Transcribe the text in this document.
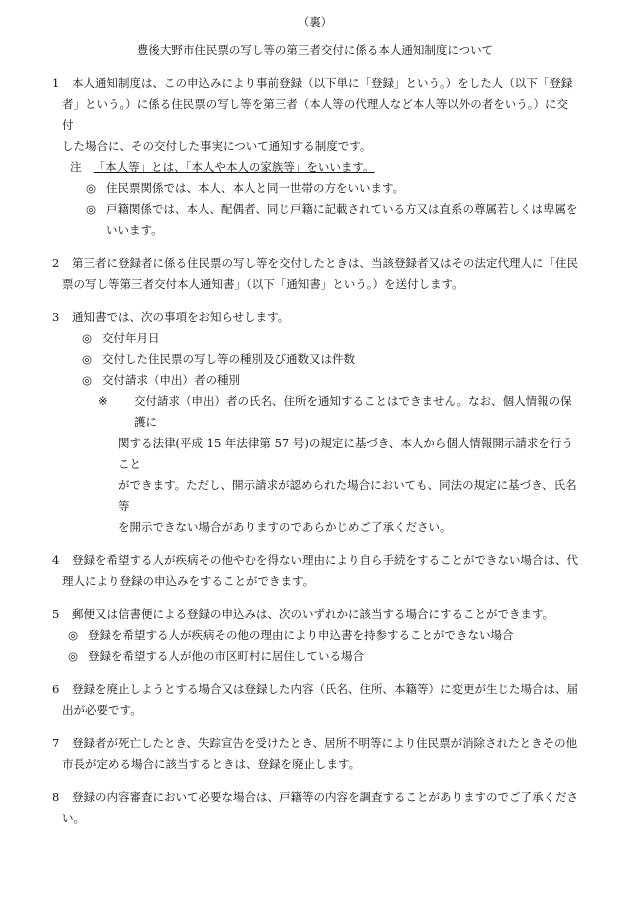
（裏）
豊後大野市住民票の写し等の第三者交付に係る本人通知制度について
1 本人通知制度は、この申込みにより事前登録（以下単に「登録」という。）をした人（以下「登録
者」という。）に係る住民票の写し等を第三者（本人等の代理人など本人等以外の者をいう。）に交付
した場合に、その交付した事実について通知する制度です。
注 「本人等」とは、「本人や本人の家族等」をいいます。
◎ 住民票関係では、本人、本人と同一世帯の方をいいます。
◎ 戸籍関係では、本人、配偶者、同じ戸籍に記載されている方又は直系の尊属若しくは卑属を
いいます。
2 第三者に登録者に係る住民票の写し等を交付したときは、当該登録者又はその法定代理人に「住民
票の写し等第三者交付本人通知書」（以下「通知書」という。）を送付します。
3 通知書では、次の事項をお知らせします。
◎ 交付年月日
◎ 交付した住民票の写し等の種別及び通数又は件数
◎ 交付請求（申出）者の種別
※ 交付請求（申出）者の氏名、住所を通知することはできません。なお、個人情報の保護に
関する法律(平成 15 年法律第 57 号)の規定に基づき、本人から個人情報開示請求を行うこと
ができます。ただし、開示請求が認められた場合においても、同法の規定に基づき、氏名等
を開示できない場合がありますのであらかじめご了承ください。
4 登録を希望する人が疾病その他やむを得ない理由により自ら手続をすることができない場合は、代
理人により登録の申込みをすることができます。
5 郵便又は信書便による登録の申込みは、次のいずれかに該当する場合にすることができます。
◎ 登録を希望する人が疾病その他の理由により申込書を持参することができない場合
◎ 登録を希望する人が他の市区町村に居住している場合
6 登録を廃止しようとする場合又は登録した内容（氏名、住所、本籍等）に変更が生じた場合は、届
出が必要です。
7 登録者が死亡したとき、失踪宣告を受けたとき、居所不明等により住民票が消除されたときその他
市長が定める場合に該当するときは、登録を廃止します。
8 登録の内容審査において必要な場合は、戸籍等の内容を調査することがありますのでご了承くださ
い。
